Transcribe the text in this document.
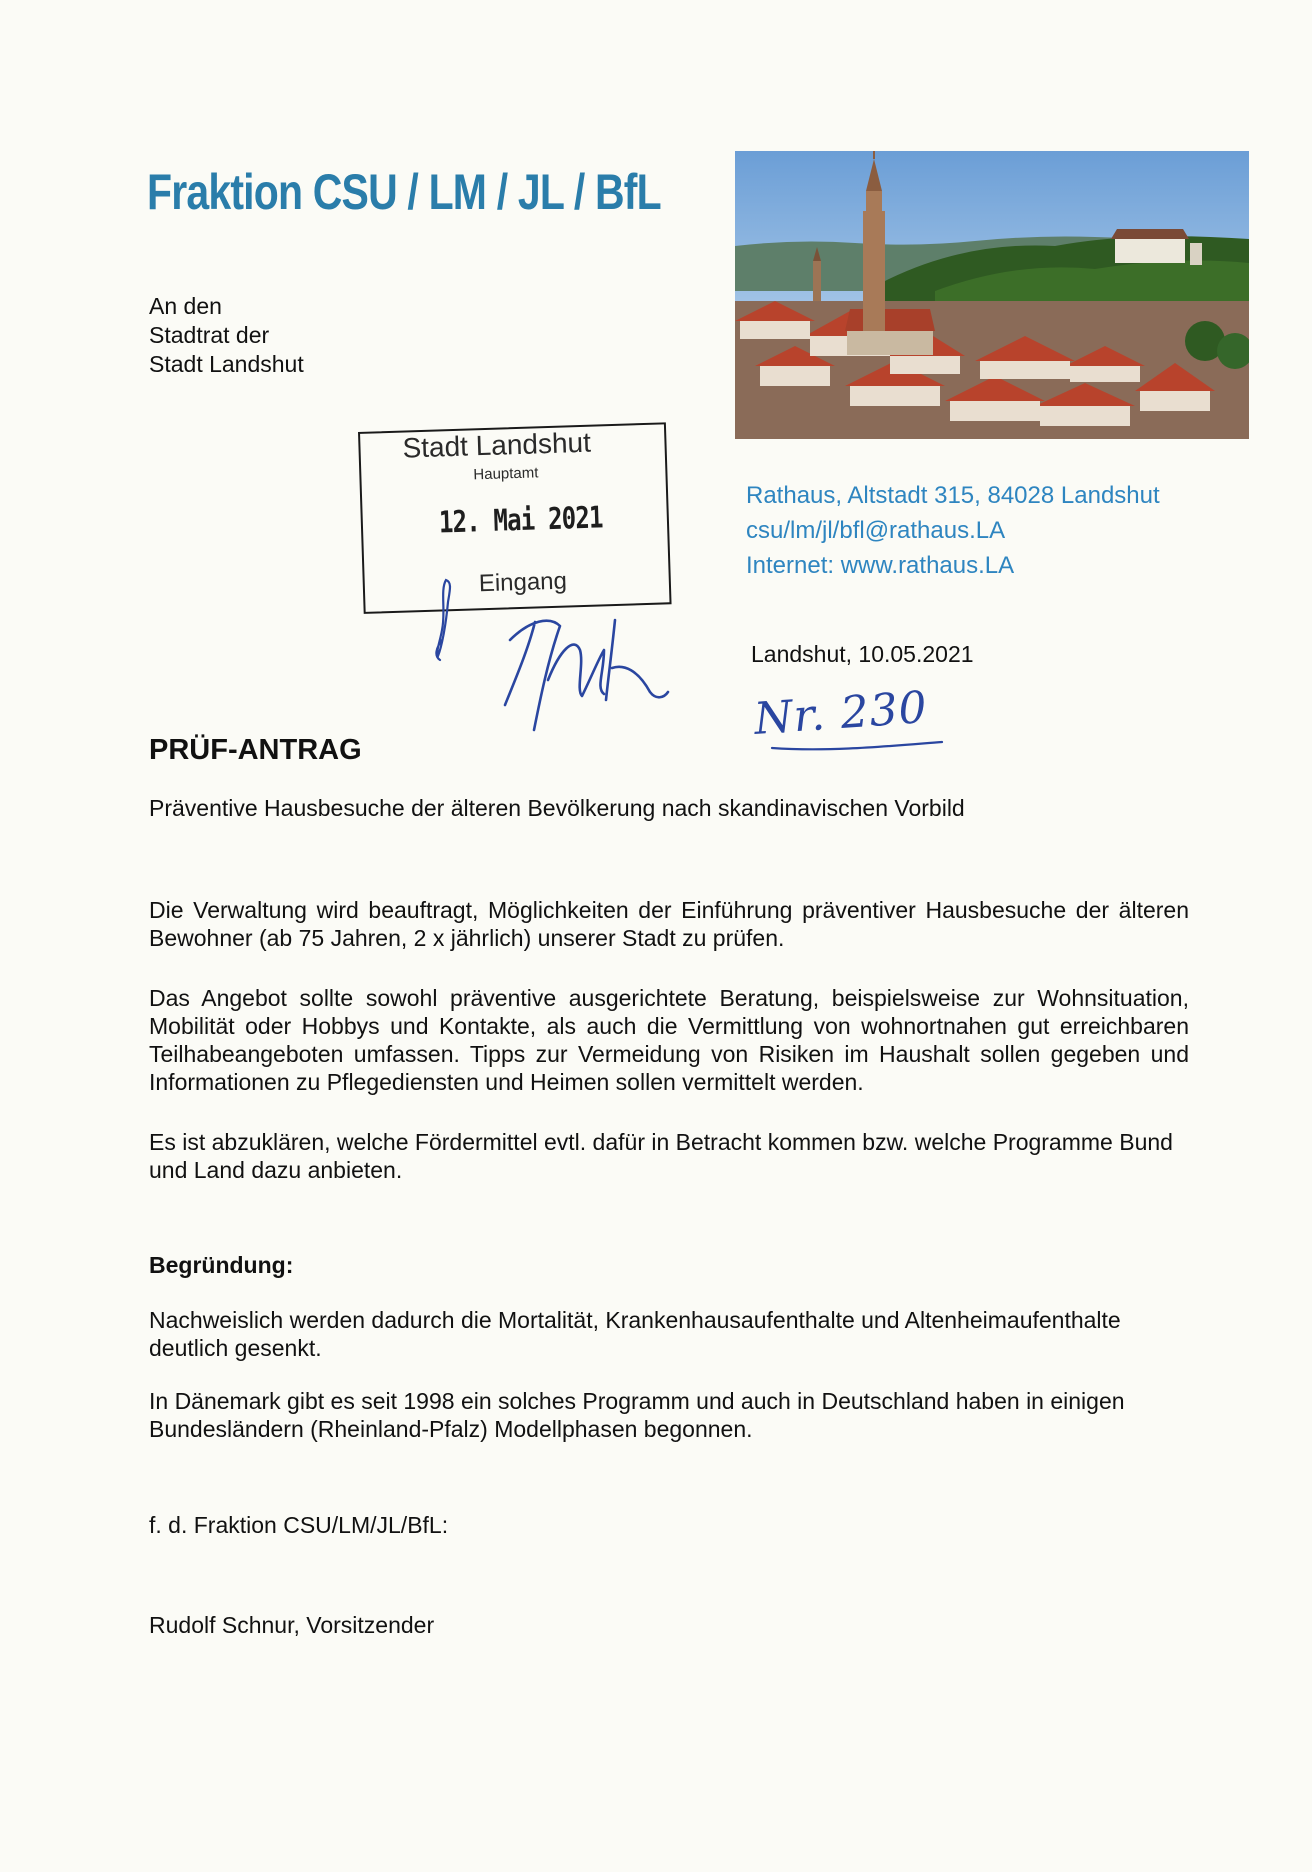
Fraktion CSU / LM / JL / BfL
An den
Stadtrat der
Stadt Landshut
Stadt Landshut
Hauptamt
12. Mai 2021
Eingang
Rathaus, Altstadt 315, 84028 Landshut
csu/lm/jl/bfl@rathaus.LA
Internet: www.rathaus.LA
Landshut, 10.05.2021
Nr. 230
PRÜF-ANTRAG
Präventive Hausbesuche der älteren Bevölkerung nach skandinavischen Vorbild
Die Verwaltung wird beauftragt, Möglichkeiten der Einführung präventiver Hausbesuche der älteren Bewohner (ab 75 Jahren, 2 x jährlich) unserer Stadt zu prüfen.
Das Angebot sollte sowohl präventive ausgerichtete Beratung, beispielsweise zur Wohnsituation, Mobilität oder Hobbys und Kontakte, als auch die Vermittlung von wohnortnahen gut erreichbaren Teilhabeangeboten umfassen. Tipps zur Vermeidung von Risiken im Haushalt sollen gegeben und Informationen zu Pflegediensten und Heimen sollen vermittelt werden.
Es ist abzuklären, welche Fördermittel evtl. dafür in Betracht kommen bzw. welche Programme Bund und Land dazu anbieten.
Begründung:
Nachweislich werden dadurch die Mortalität, Krankenhausaufenthalte und Altenheimaufenthalte deutlich gesenkt.
In Dänemark gibt es seit 1998 ein solches Programm und auch in Deutschland haben in einigen Bundesländern (Rheinland-Pfalz) Modellphasen begonnen.
f. d. Fraktion CSU/LM/JL/BfL:
Rudolf Schnur, Vorsitzender
